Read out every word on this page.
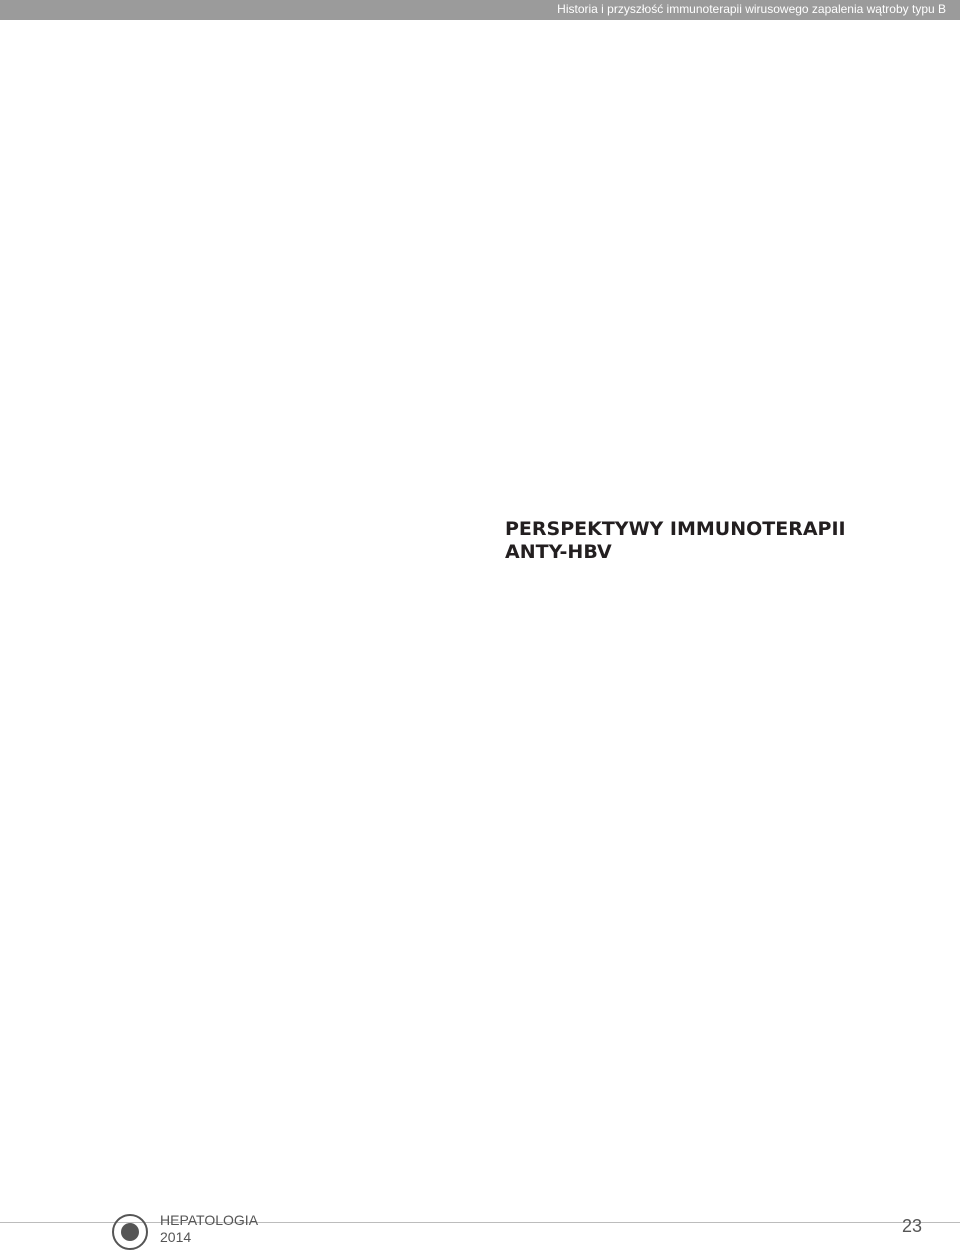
Historia i przyszłość immunoterapii wirusowego zapalenia wątroby typu B
PERSPEKTYWY IMMUNOTERAPII ANTY-HBV
HEPATOLOGIA
2014
23
